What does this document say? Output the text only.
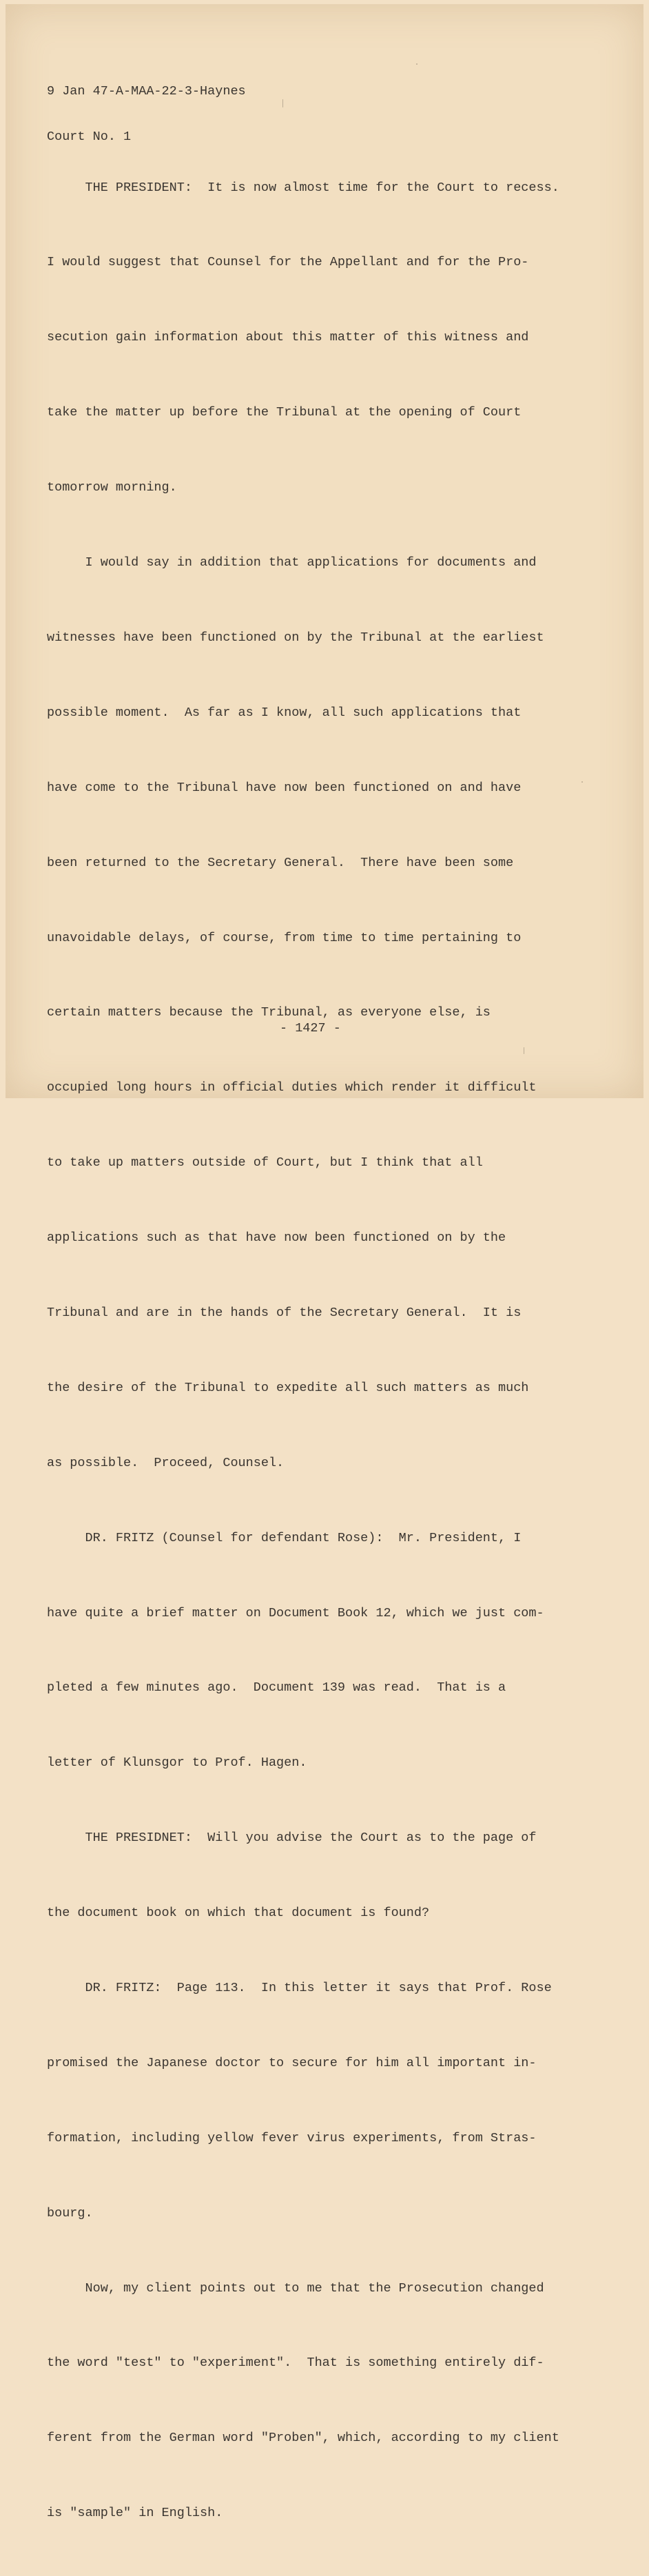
9 Jan 47-A-MAA-22-3-Haynes

Court No. 1

THE PRESIDENT:  It is now almost time for the Court to recess.

I would suggest that Counsel for the Appellant and for the Pro-

secution gain information about this matter of this witness and

take the matter up before the Tribunal at the opening of Court

tomorrow morning.

I would say in addition that applications for documents and

witnesses have been functioned on by the Tribunal at the earliest

possible moment.  As far as I know, all such applications that

have come to the Tribunal have now been functioned on and have

been returned to the Secretary General.  There have been some

unavoidable delays, of course, from time to time pertaining to

certain matters because the Tribunal, as everyone else, is

occupied long hours in official duties which render it difficult

to take up matters outside of Court, but I think that all

applications such as that have now been functioned on by the

Tribunal and are in the hands of the Secretary General.  It is

the desire of the Tribunal to expedite all such matters as much

as possible.  Proceed, Counsel.

DR. FRITZ (Counsel for defendant Rose):  Mr. President, I

have quite a brief matter on Document Book 12, which we just com-

pleted a few minutes ago.  Document 139 was read.  That is a

letter of Klunsgor to Prof. Hagen.

THE PRESIDNET:  Will you advise the Court as to the page of

the document book on which that document is found?

DR. FRITZ:  Page 113.  In this letter it says that Prof. Rose

promised the Japanese doctor to secure for him all important in-

formation, including yellow fever virus experiments, from Stras-

bourg.

Now, my client points out to me that the Prosecution changed

the word "test" to "experiment".  That is something entirely dif-

ferent from the German word "Proben", which, according to my client

is "sample" in English.

- 1427 -
